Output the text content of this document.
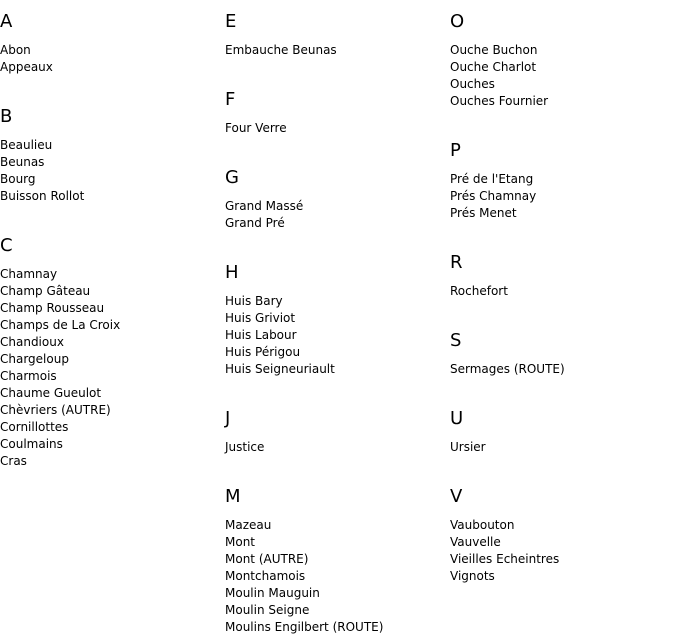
A
Abon
Appeaux
B
Beaulieu
Beunas
Bourg
Buisson Rollot
C
Chamnay
Champ Gâteau
Champ Rousseau
Champs de La Croix
Chandioux
Chargeloup
Charmois
Chaume Gueulot
Chèvriers (AUTRE)
Cornillottes
Coulmains
Cras
E
Embauche Beunas
F
Four Verre
G
Grand Massé
Grand Pré
H
Huis Bary
Huis Griviot
Huis Labour
Huis Périgou
Huis Seigneuriault
J
Justice
M
Mazeau
Mont
Mont (AUTRE)
Montchamois
Moulin Mauguin
Moulin Seigne
Moulins Engilbert (ROUTE)
O
Ouche Buchon
Ouche Charlot
Ouches
Ouches Fournier
P
Pré de l'Etang
Prés Chamnay
Prés Menet
R
Rochefort
S
Sermages (ROUTE)
U
Ursier
V
Vaubouton
Vauvelle
Vieilles Echeintres
Vignots
